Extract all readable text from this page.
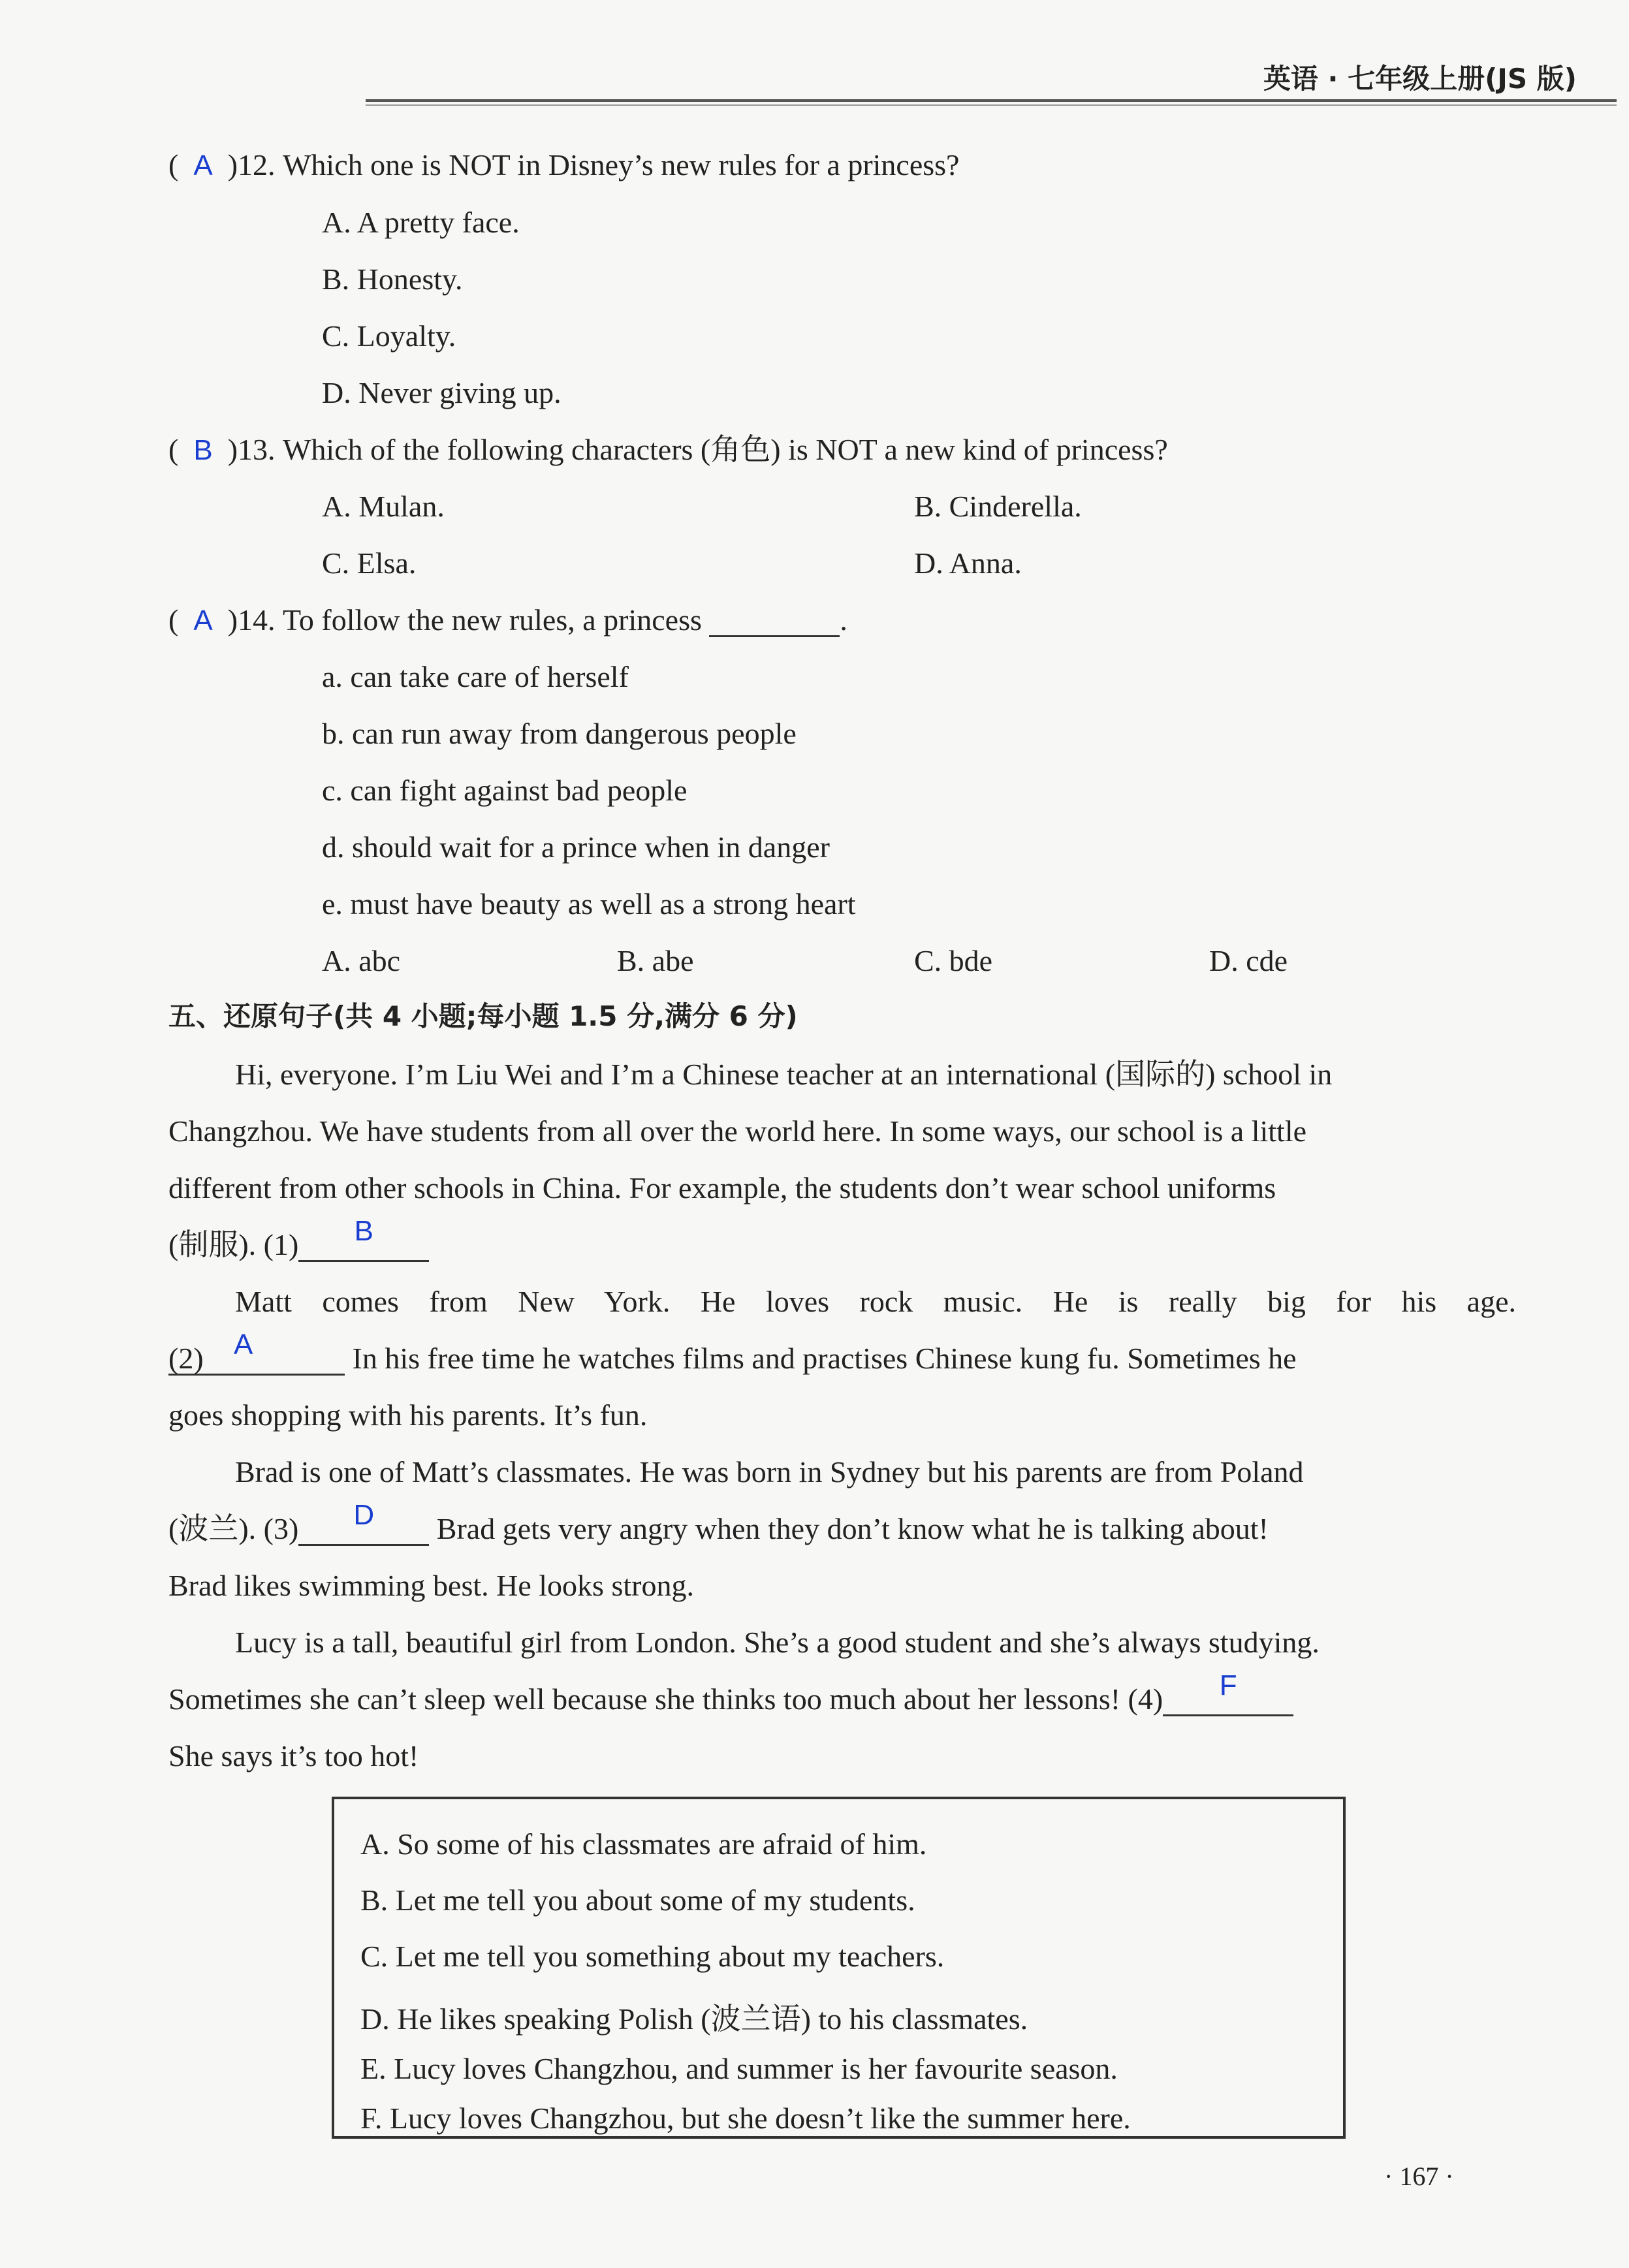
英语 · 七年级上册(JS 版)
( A )12. Which one is NOT in Disney’s new rules for a princess?
A. A pretty face.
B. Honesty.
C. Loyalty.
D. Never giving up.
( B )13. Which of the following characters (角色) is NOT a new kind of princess?
A. Mulan.	B. Cinderella.
C. Elsa.	D. Anna.
( A )14. To follow the new rules, a princess	.
a. can take care of herself
b. can run away from dangerous people
c. can fight against bad people
d. should wait for a prince when in danger
e. must have beauty as well as a strong heart
A. abc	B. abe	C. bde	D. cde
五、还原句子(共 4 小题;每小题 1.5 分,满分 6 分)
Hi, everyone. I’m Liu Wei and I’m a Chinese teacher at an international (国际的) school in
Changzhou. We have students from all over the world here. In some ways, our school is a little
different from other schools in China. For example, the students don’t wear school uniforms
(制服). (1)	B

Matt comes from New York. He loves rock music. He is really big for his age.
(2) A	In his free time he watches films and practises Chinese kung fu. Sometimes he
goes shopping with his parents. It’s fun.
Brad is one of Matt’s classmates. He was born in Sydney but his parents are from Poland
(波兰). (3)	D	Brad gets very angry when they don’t know what he is talking about!
Brad likes swimming best. He looks strong.
Lucy is a tall, beautiful girl from London. She’s a good student and she’s always studying.
Sometimes she can’t sleep well because she thinks too much about her lessons! (4)	F

She says it’s too hot!
A. So some of his classmates are afraid of him.
B. Let me tell you about some of my students.
C. Let me tell you something about my teachers.
D. He likes speaking Polish (波兰语) to his classmates.
E. Lucy loves Changzhou, and summer is her favourite season.
F. Lucy loves Changzhou, but she doesn’t like the summer here.
· 167 ·
